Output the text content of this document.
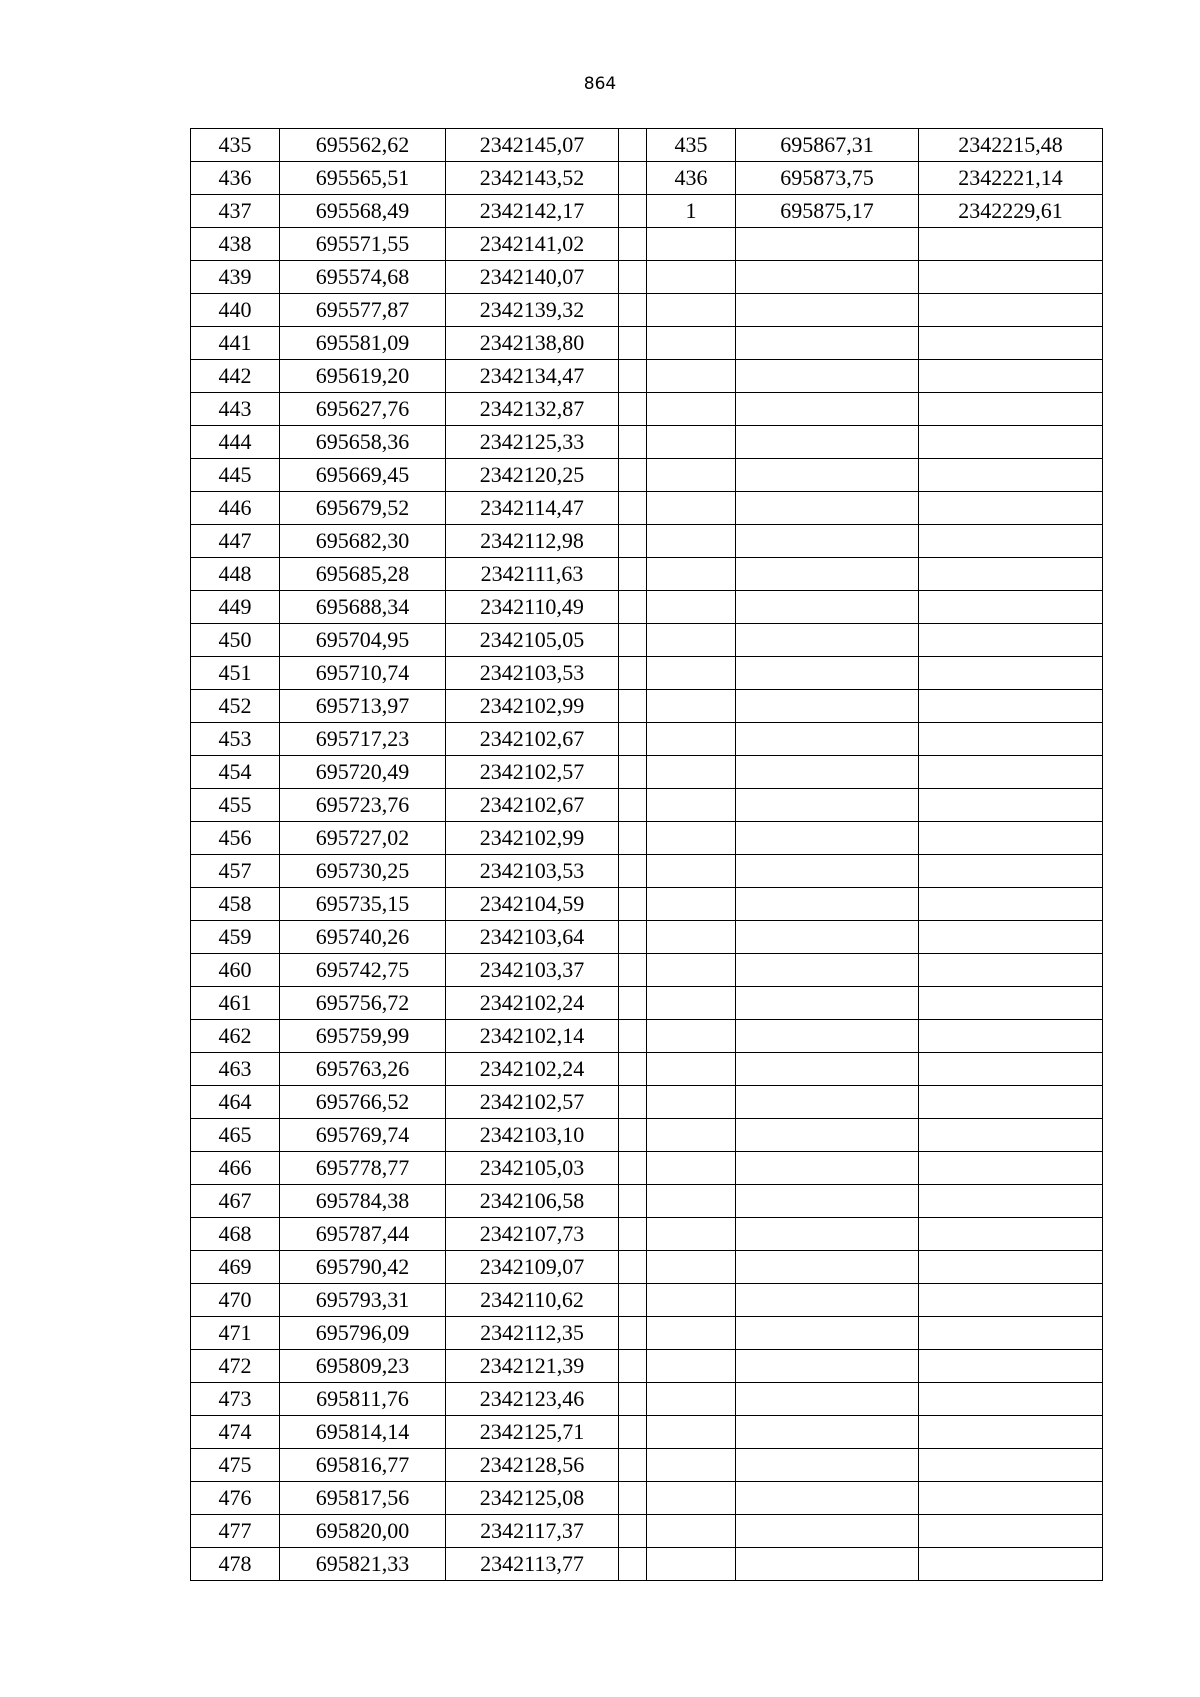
864
435	695562,62	2342145,07		435	695867,31	2342215,48
436	695565,51	2342143,52		436	695873,75	2342221,14
437	695568,49	2342142,17		1	695875,17	2342229,61
438	695571,55	2342141,02				
439	695574,68	2342140,07				
440	695577,87	2342139,32				
441	695581,09	2342138,80				
442	695619,20	2342134,47				
443	695627,76	2342132,87				
444	695658,36	2342125,33				
445	695669,45	2342120,25				
446	695679,52	2342114,47				
447	695682,30	2342112,98				
448	695685,28	2342111,63				
449	695688,34	2342110,49				
450	695704,95	2342105,05				
451	695710,74	2342103,53				
452	695713,97	2342102,99				
453	695717,23	2342102,67				
454	695720,49	2342102,57				
455	695723,76	2342102,67				
456	695727,02	2342102,99				
457	695730,25	2342103,53				
458	695735,15	2342104,59				
459	695740,26	2342103,64				
460	695742,75	2342103,37				
461	695756,72	2342102,24				
462	695759,99	2342102,14				
463	695763,26	2342102,24				
464	695766,52	2342102,57				
465	695769,74	2342103,10				
466	695778,77	2342105,03				
467	695784,38	2342106,58				
468	695787,44	2342107,73				
469	695790,42	2342109,07				
470	695793,31	2342110,62				
471	695796,09	2342112,35				
472	695809,23	2342121,39				
473	695811,76	2342123,46				
474	695814,14	2342125,71				
475	695816,77	2342128,56				
476	695817,56	2342125,08				
477	695820,00	2342117,37				
478	695821,33	2342113,77				
